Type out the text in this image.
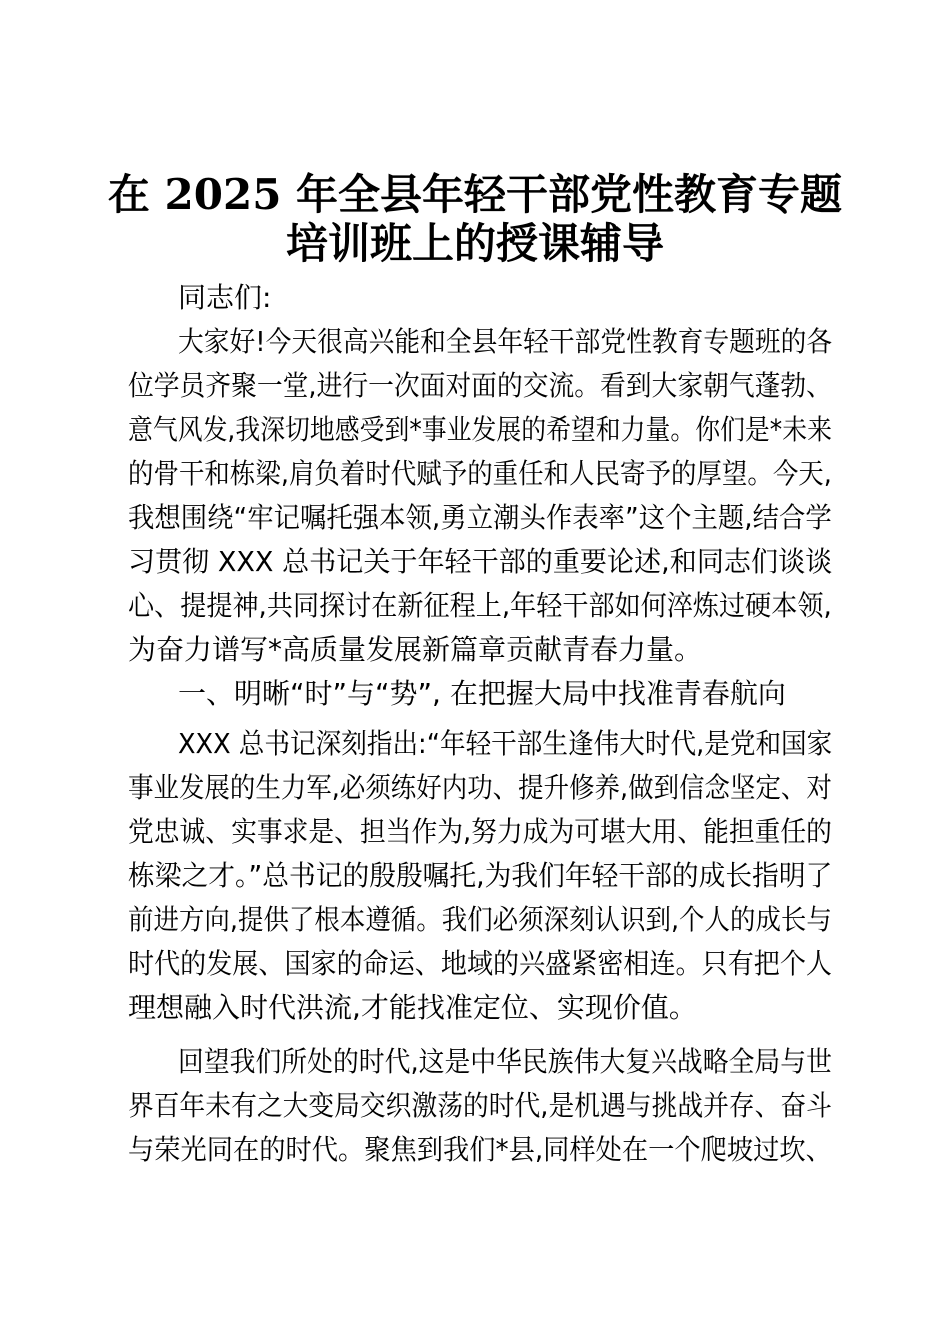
在 2025 年全县年轻干部党性教育专题
培训班上的授课辅导
同志们:
大家好!今天很高兴能和全县年轻干部党性教育专题班的各
位学员齐聚一堂,进行一次面对面的交流。看到大家朝气蓬勃、
意气风发,我深切地感受到*事业发展的希望和力量。你们是*未来
的骨干和栋梁,肩负着时代赋予的重任和人民寄予的厚望。今天,
我想围绕“牢记嘱托强本领,勇立潮头作表率”这个主题,结合学
习贯彻 XXX 总书记关于年轻干部的重要论述,和同志们谈谈
心、提提神,共同探讨在新征程上,年轻干部如何淬炼过硬本领,
为奋力谱写*高质量发展新篇章贡献青春力量。
一、明晰“时”与“势”, 在把握大局中找准青春航向
XXX 总书记深刻指出:“年轻干部生逢伟大时代,是党和国家
事业发展的生力军,必须练好内功、提升修养,做到信念坚定、对
党忠诚、实事求是、担当作为,努力成为可堪大用、能担重任的
栋梁之才。”总书记的殷殷嘱托,为我们年轻干部的成长指明了
前进方向,提供了根本遵循。我们必须深刻认识到,个人的成长与
时代的发展、国家的命运、地域的兴盛紧密相连。只有把个人
理想融入时代洪流,才能找准定位、实现价值。
回望我们所处的时代,这是中华民族伟大复兴战略全局与世
界百年未有之大变局交织激荡的时代,是机遇与挑战并存、奋斗
与荣光同在的时代。聚焦到我们*县,同样处在一个爬坡过坎、
